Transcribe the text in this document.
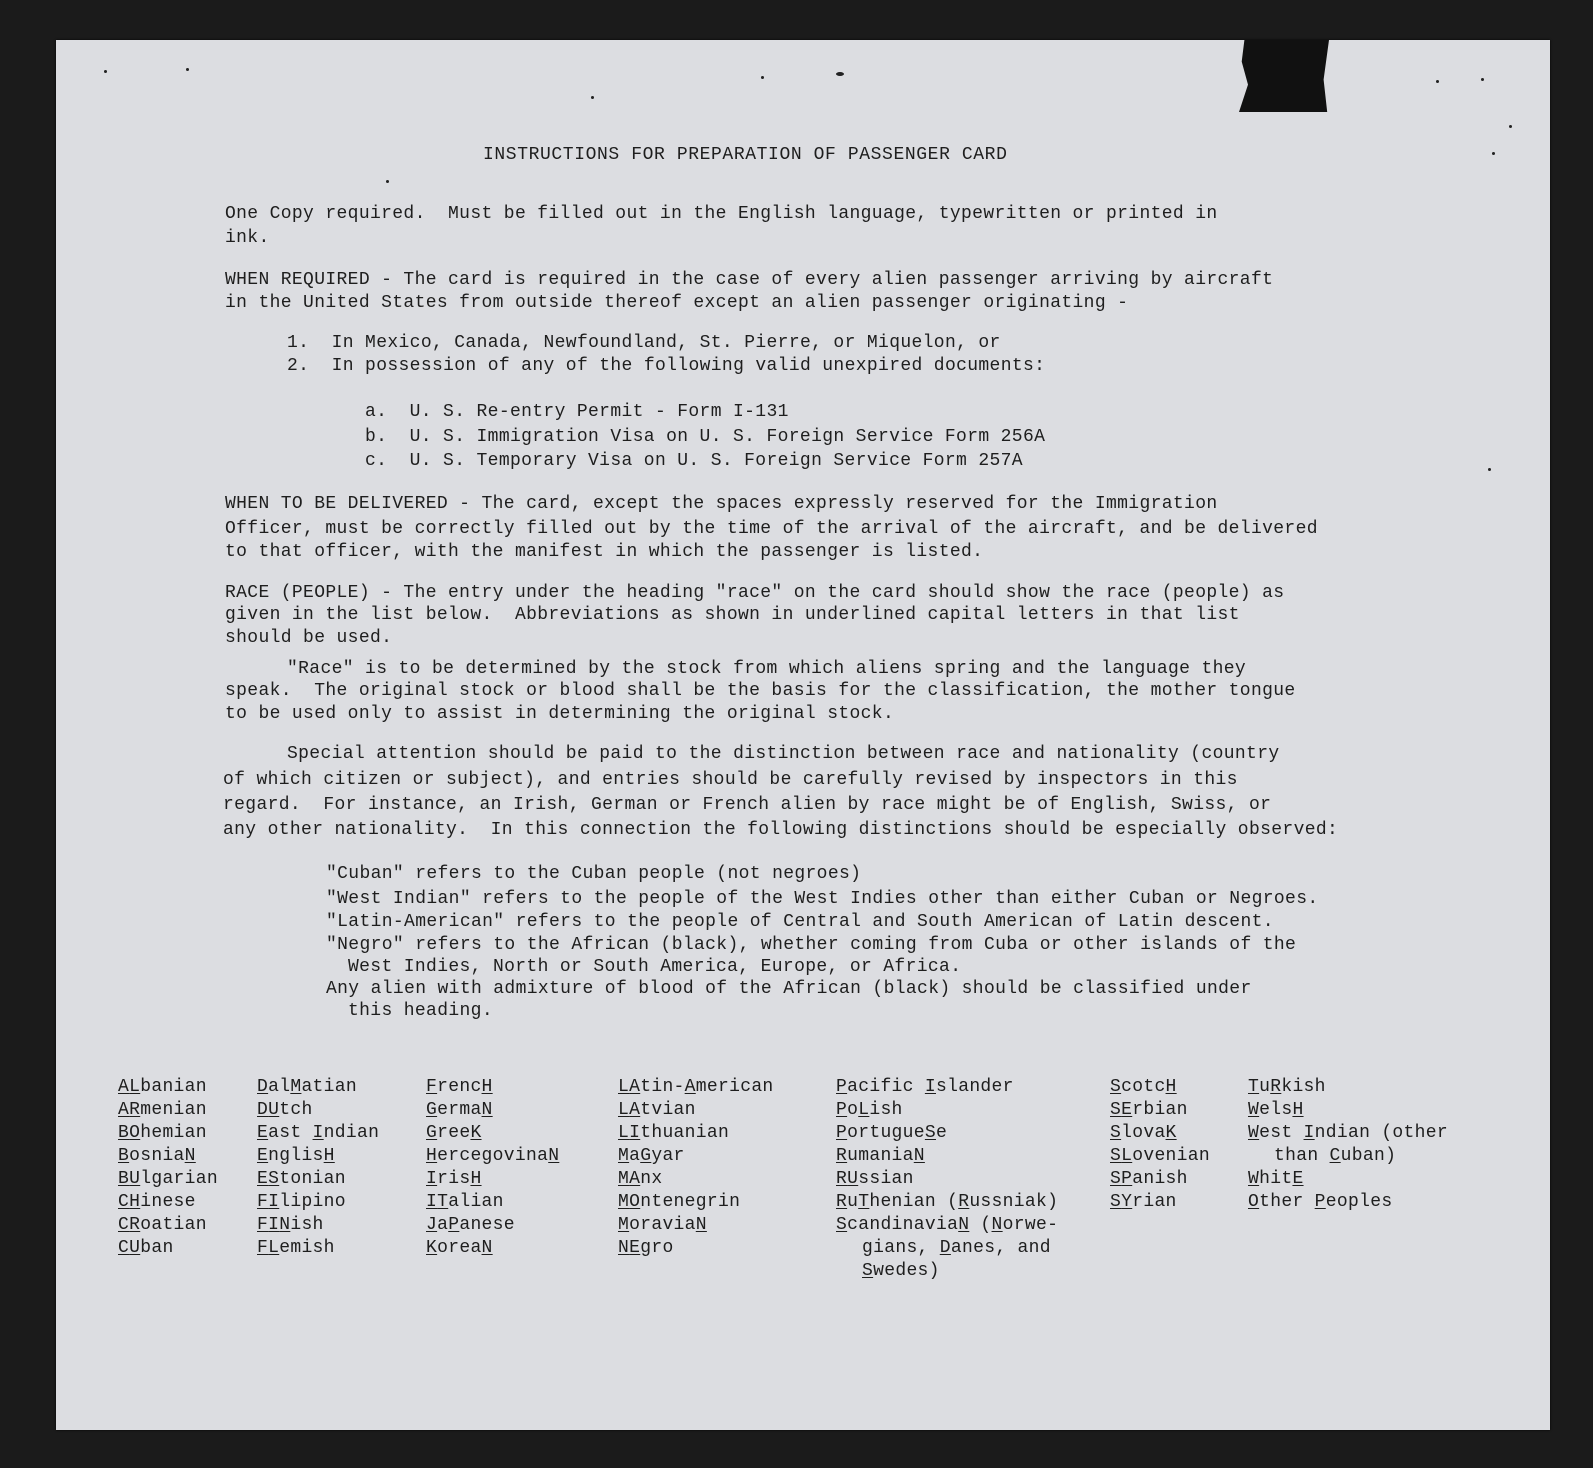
INSTRUCTIONS FOR PREPARATION OF PASSENGER CARD
One Copy required.  Must be filled out in the English language, typewritten or printed in
ink.
WHEN REQUIRED - The card is required in the case of every alien passenger arriving by aircraft
in the United States from outside thereof except an alien passenger originating -
1.  In Mexico, Canada, Newfoundland, St. Pierre, or Miquelon, or
2.  In possession of any of the following valid unexpired documents:
a.  U. S. Re-entry Permit - Form I-131
b.  U. S. Immigration Visa on U. S. Foreign Service Form 256A
c.  U. S. Temporary Visa on U. S. Foreign Service Form 257A
WHEN TO BE DELIVERED - The card, except the spaces expressly reserved for the Immigration
Officer, must be correctly filled out by the time of the arrival of the aircraft, and be delivered
to that officer, with the manifest in which the passenger is listed.
RACE (PEOPLE) - The entry under the heading "race" on the card should show the race (people) as
given in the list below.  Abbreviations as shown in underlined capital letters in that list
should be used.
"Race" is to be determined by the stock from which aliens spring and the language they
speak.  The original stock or blood shall be the basis for the classification, the mother tongue
to be used only to assist in determining the original stock.
Special attention should be paid to the distinction between race and nationality (country
of which citizen or subject), and entries should be carefully revised by inspectors in this
regard.  For instance, an Irish, German or French alien by race might be of English, Swiss, or
any other nationality.  In this connection the following distinctions should be especially observed:
"Cuban" refers to the Cuban people (not negroes)
"West Indian" refers to the people of the West Indies other than either Cuban or Negroes.
"Latin-American" refers to the people of Central and South American of Latin descent.
"Negro" refers to the African (black), whether coming from Cuba or other islands of the
West Indies, North or South America, Europe, or Africa.
Any alien with admixture of blood of the African (black) should be classified under
this heading.
ALbanian
ARmenian
BOhemian
BosniaN
BUlgarian
CHinese
CRoatian
CUban
DalMatian
DUtch
East Indian
EnglisH
EStonian
FIlipino
FINish
FLemish
FrencH
GermaN
GreeK
HercegovinaN
IrisH
ITalian
JaPanese
KoreaN
LAtin-American
LAtvian
LIthuanian
MaGyar
MAnx
MOntenegrin
MoraviaN
NEgro
Pacific Islander
PoLish
PortugueSe
RumaniaN
RUssian
RuThenian (Russniak)
ScandinaviaN (Norwe-
gians, Danes, and
Swedes)
ScotcH
SErbian
SlovaK
SLovenian
SPanish
SYrian
TuRkish
WelsH
West Indian (other
than Cuban)
WhitE
Other Peoples
